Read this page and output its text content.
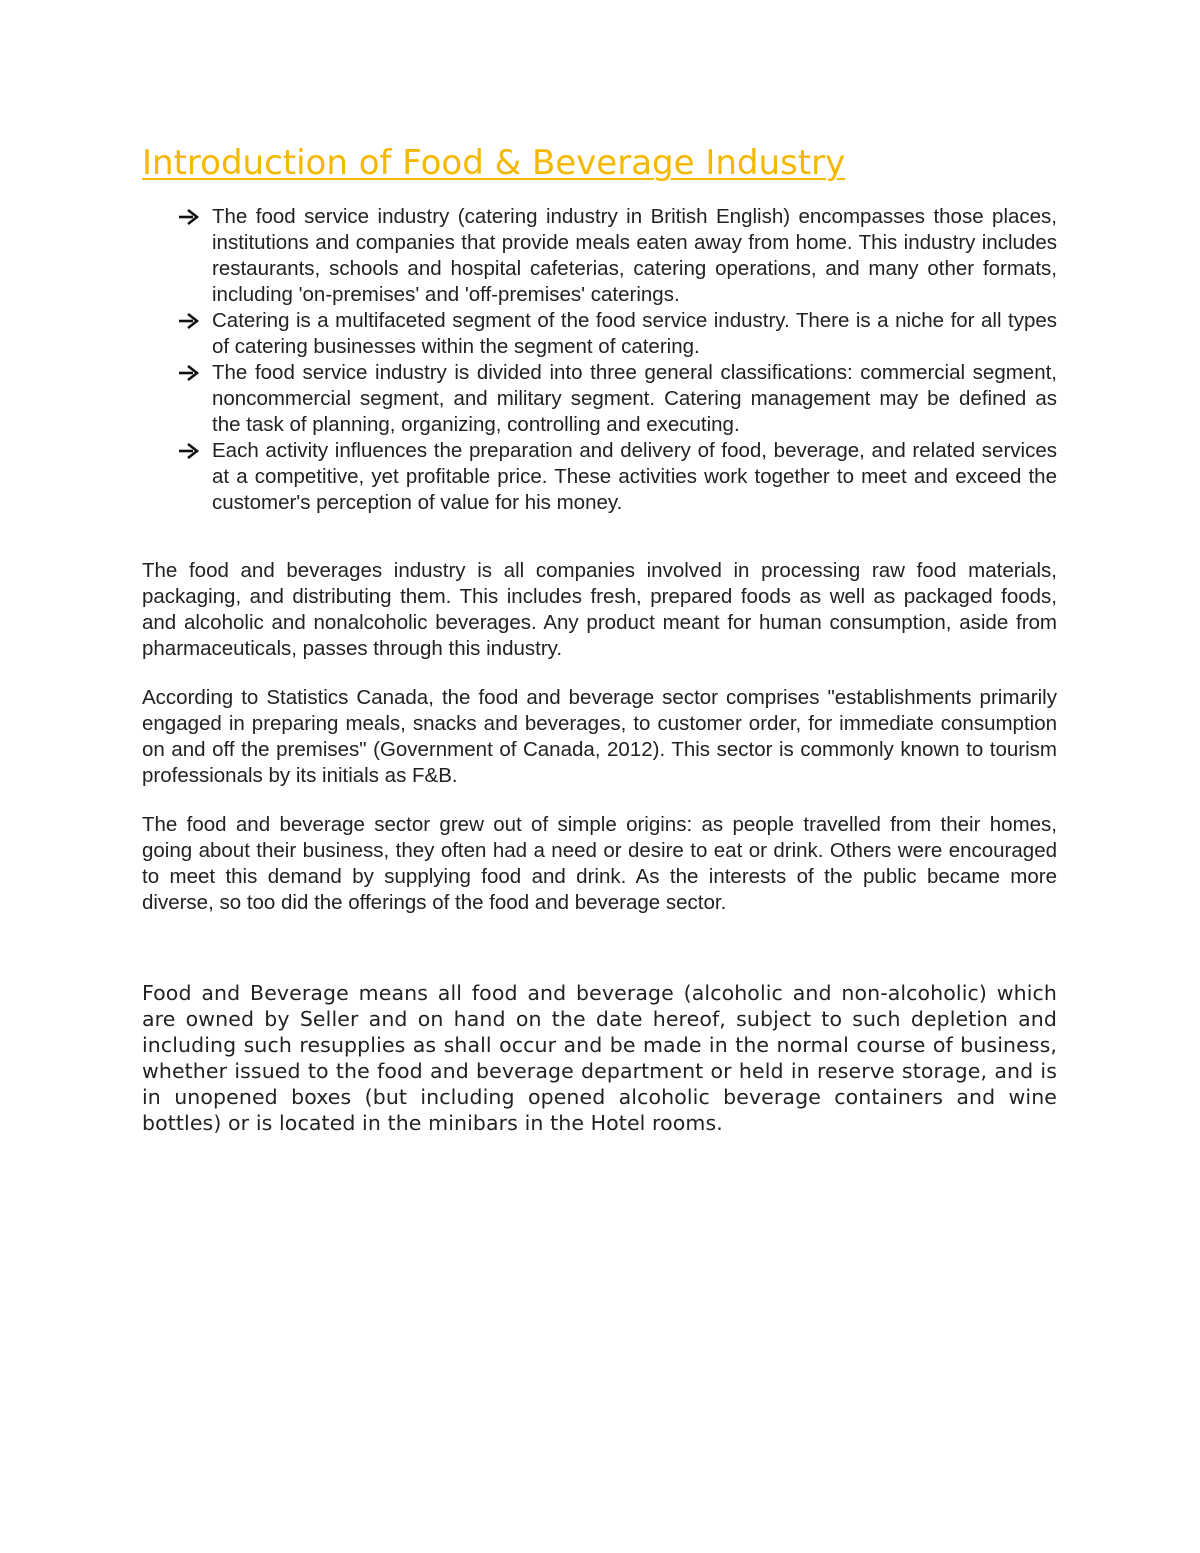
Introduction of Food & Beverage Industry
The food service industry (catering industry in British English) encompasses those places, institutions and companies that provide meals eaten away from home. This industry includes restaurants, schools and hospital cafeterias, catering operations, and many other formats, including 'on-premises' and 'off-premises' caterings.
Catering is a multifaceted segment of the food service industry. There is a niche for all types of catering businesses within the segment of catering.
The food service industry is divided into three general classifications: commercial segment, noncommercial segment, and military segment. Catering management may be defined as the task of planning, organizing, controlling and executing.
Each activity influences the preparation and delivery of food, beverage, and related services at a competitive, yet profitable price. These activities work together to meet and exceed the customer's perception of value for his money.

The food and beverages industry is all companies involved in processing raw food materials, packaging, and distributing them. This includes fresh, prepared foods as well as packaged foods, and alcoholic and nonalcoholic beverages. Any product meant for human consumption, aside from pharmaceuticals, passes through this industry.

According to Statistics Canada, the food and beverage sector comprises "establishments primarily engaged in preparing meals, snacks and beverages, to customer order, for immediate consumption on and off the premises" (Government of Canada, 2012). This sector is commonly known to tourism professionals by its initials as F&B.

The food and beverage sector grew out of simple origins: as people travelled from their homes, going about their business, they often had a need or desire to eat or drink. Others were encouraged to meet this demand by supplying food and drink. As the interests of the public became more diverse, so too did the offerings of the food and beverage sector.

Food and Beverage means all food and beverage (alcoholic and non-alcoholic) which are owned by Seller and on hand on the date hereof, subject to such depletion and including such resupplies as shall occur and be made in the normal course of business, whether issued to the food and beverage department or held in reserve storage, and is in unopened boxes (but including opened alcoholic beverage containers and wine bottles) or is located in the minibars in the Hotel rooms.
